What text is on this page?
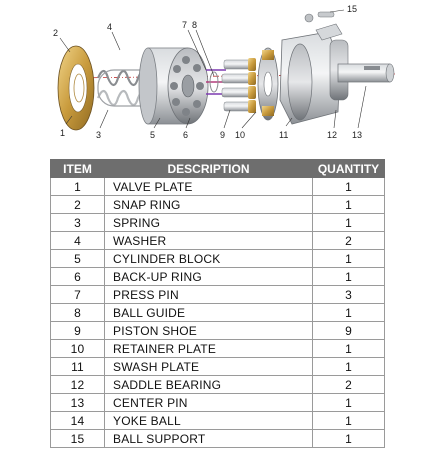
2
1
4
3	5
7 8
6	9 10	11	12 13
15
ITEM	DESCRIPTION	QUANTITY
1	VALVE PLATE	1
2	SNAP RING	1
3	SPRING	1
4	WASHER	2
5	CYLINDER BLOCK	1
6	BACK-UP RING	1
7	PRESS PIN	3
8	BALL GUIDE	1
9	PISTON SHOE	9
10	RETAINER PLATE	1
11	SWASH PLATE	1
12	SADDLE BEARING	2
13	CENTER PIN	1
14	YOKE BALL	1
15	BALL SUPPORT	1
